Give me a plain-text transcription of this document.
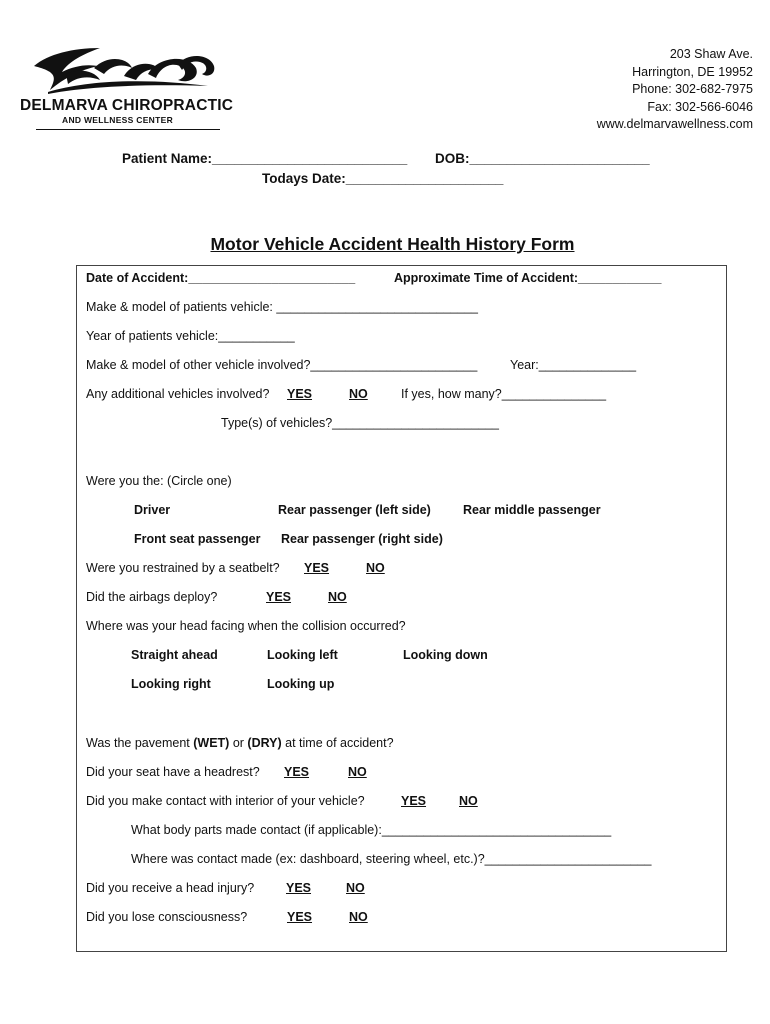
DELMARVA CHIROPRACTIC
AND WELLNESS CENTER
203 Shaw Ave.
Harrington, DE 19952
Phone: 302-682-7975
Fax: 302-566-6046
www.delmarvawellness.com
Patient Name:__________________________ DOB:________________________
Todays Date:_____________________
Motor Vehicle Accident Health History Form
Date of Accident:________________________	Approximate Time of Accident:____________
Make & model of patients vehicle: _____________________________
Year of patients vehicle:___________
Make & model of other vehicle involved?________________________	Year:______________
Any additional vehicles involved? YES	NO	If yes, how many?_______________
Type(s) of vehicles?________________________
Were you the: (Circle one)
Driver	Rear passenger (left side)	Rear middle passenger
Front seat passenger Rear passenger (right side)
Were you restrained by a seatbelt? YES	NO
Did the airbags deploy?	YES	NO
Where was your head facing when the collision occurred?
Straight ahead	Looking left	Looking down
Looking right	Looking up
Was the pavement (WET) or (DRY) at time of accident?
Did your seat have a headrest? YES	NO
Did you make contact with interior of your vehicle?	YES	NO
What body parts made contact (if applicable):_________________________________
Where was contact made (ex: dashboard, steering wheel, etc.)?________________________
Did you receive a head injury?	YES	NO
Did you lose consciousness?	YES	NO
